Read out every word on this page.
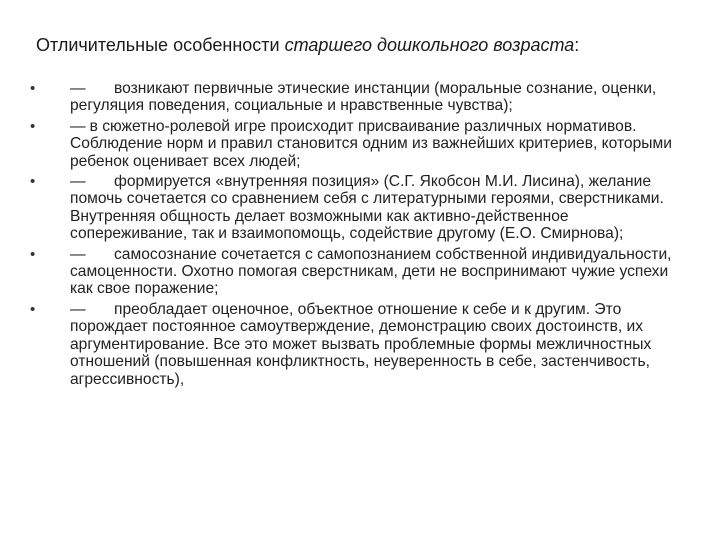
Отличительные особенности старшего дошкольного возраста:
•	— возникают первичные этические инстанции (моральные сознание, оценки, регуляция поведения, социальные и нравственные чувства);
•	— в сюжетно-ролевой игре происходит присваивание различных нормативов. Соблюдение норм и правил становится одним из важнейших критериев, которыми ребенок оценивает всех людей;
•	— формируется «внутренняя позиция» (С.Г. Якобсон М.И. Лисина), желание помочь сочетается со сравнением себя с литературными героями, сверстниками. Внутренняя общность делает возможными как активно-действенное сопереживание, так и взаимопомощь, содействие другому (Е.О. Смирнова);
•	— самосознание сочетается с самопознанием собственной индивидуальности, самоценности. Охотно помогая сверстникам, дети не воспринимают чужие успехи как свое поражение;
•	— преобладает оценочное, объектное отношение к себе и к другим. Это порождает постоянное самоутверждение, демонстрацию своих достоинств, их аргументирование. Все это может вызвать проблемные формы межличностных отношений (повышенная конфликтность, неуверенность в себе, застенчивость, агрессивность),
